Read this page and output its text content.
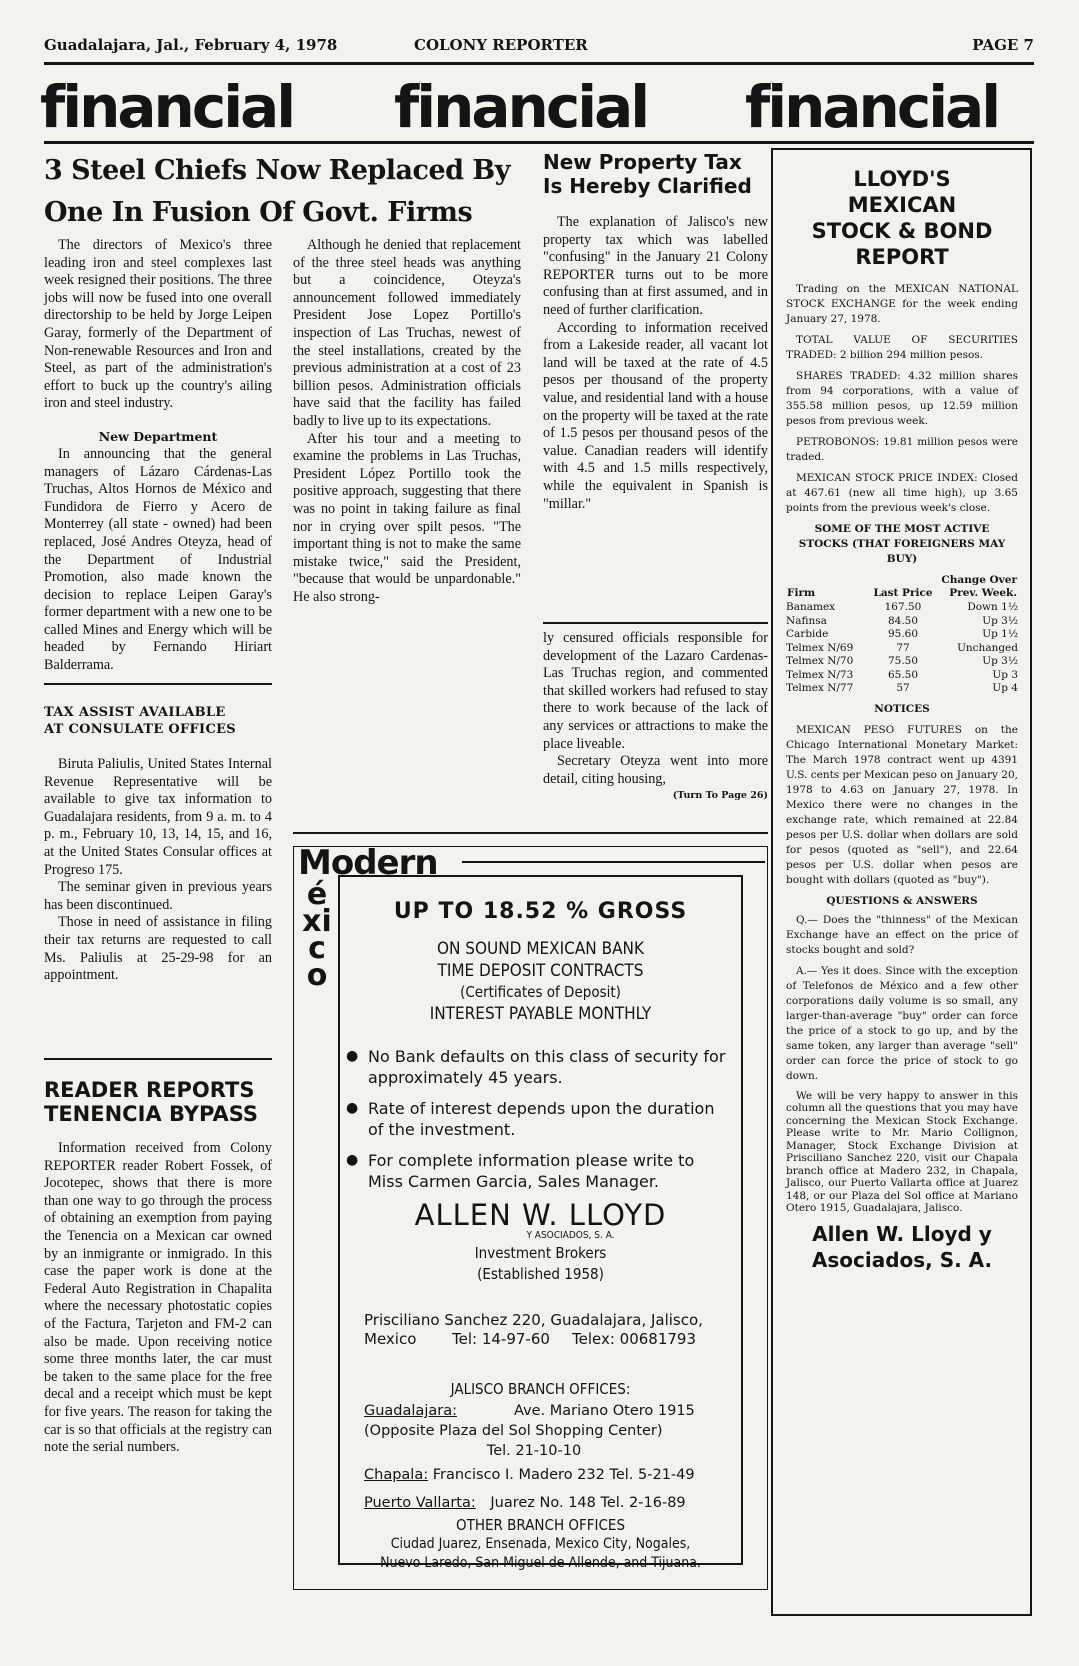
Guadalajara, Jal., February 4, 1978	COLONY REPORTER	PAGE 7
financial financial financial
3 Steel Chiefs Now Replaced By
One In Fusion Of Govt. Firms

The directors of Mexico's three leading iron and steel complexes last week resigned their positions. The three jobs will now be fused into one overall directorship to be held by Jorge Leipen Garay, formerly of the Department of Non-renewable Resources and Iron and Steel, as part of the administration's effort to buck up the country's ailing iron and steel industry.

New Department

In announcing that the general managers of Lázaro Cárdenas-Las Truchas, Altos Hornos de México and Fundidora de Fierro y Acero de Monterrey (all state - owned) had been replaced, José Andres Oteyza, head of the Department of Industrial Promotion, also made known the decision to replace Leipen Garay's former department with a new one to be called Mines and Energy which will be headed by Fernando Hiriart Balderrama.

Although he denied that replacement of the three steel heads was anything but a coincidence, Oteyza's announcement followed immediately President Jose Lopez Portillo's inspection of Las Truchas, newest of the steel installations, created by the previous administration at a cost of 23 billion pesos. Administration officials have said that the facility has failed badly to live up to its expectations.

After his tour and a meeting to examine the problems in Las Truchas, President López Portillo took the positive approach, suggesting that there was no point in taking failure as final nor in crying over spilt pesos. "The important thing is not to make the same mistake twice," said the President, "because that would be unpardonable." He also strong-

New Property Tax
Is Hereby Clarified

The explanation of Jalisco's new property tax which was labelled "confusing" in the January 21 Colony REPORTER turns out to be more confusing than at first assumed, and in need of further clarification.

According to information received from a Lakeside reader, all vacant lot land will be taxed at the rate of 4.5 pesos per thousand of the property value, and residential land with a house on the property will be taxed at the rate of 1.5 pesos per thousand pesos of the value. Canadian readers will identify with 4.5 and 1.5 mills respectively, while the equivalent in Spanish is "millar."

ly censured officials responsible for development of the Lazaro Cardenas-Las Truchas region, and commented that skilled workers had refused to stay there to work because of the lack of any services or attractions to make the place liveable.

Secretary Oteyza went into more detail, citing housing,

(Turn To Page 26)
TAX ASSIST AVAILABLE
AT CONSULATE OFFICES

Biruta Paliulis, United States Internal Revenue Representative will be available to give tax information to Guadalajara residents, from 9 a. m. to 4 p. m., February 10, 13, 14, 15, and 16, at the United States Consular offices at Progreso 175.

The seminar given in previous years has been discontinued.

Those in need of assistance in filing their tax returns are requested to call Ms. Paliulis at 25-29-98 for an appointment.

READER REPORTS
TENENCIA BYPASS

Information received from Colony REPORTER reader Robert Fossek, of Jocotepec, shows that there is more than one way to go through the process of obtaining an exemption from paying the Tenencia on a Mexican car owned by an inmigrante or inmigrado. In this case the paper work is done at the Federal Auto Registration in Chapalita where the necessary photostatic copies of the Factura, Tarjeton and FM-2 can also be made. Upon receiving notice some three months later, the car must be taken to the same place for the free decal and a receipt which must be kept for five years. The reason for taking the car is so that officials at the registry can note the serial numbers.

Modern
éxico
UP TO 18.52 % GROSS
ON SOUND MEXICAN BANK
TIME DEPOSIT CONTRACTS
(Certificates of Deposit)
INTEREST PAYABLE MONTHLY
● No Bank defaults on this class of security for approximately 45 years.
● Rate of interest depends upon the duration of the investment.
● For complete information please write to Miss Carmen Garcia, Sales Manager.
ALLEN W. LLOYD
Y ASOCIADOS, S. A.
Investment Brokers
(Established 1958)
Prisciliano Sanchez 220, Guadalajara, Jalisco,
Mexico Tel: 14-97-60 Telex: 00681793
JALISCO BRANCH OFFICES:
Guadalajara:	Ave. Mariano Otero 1915
(Opposite Plaza del Sol Shopping Center)
Tel. 21-10-10
Chapala: Francisco I. Madero 232 Tel. 5-21-49
Puerto Vallarta: Juarez No. 148 Tel. 2-16-89
OTHER BRANCH OFFICES
Ciudad Juarez, Ensenada, Mexico City, Nogales,
Nuevo Laredo, San Miguel de Allende, and Tijuana.
LLOYD'S
MEXICAN
STOCK & BOND
REPORT

Trading on the MEXICAN NATIONAL STOCK EXCHANGE for the week ending January 27, 1978.

TOTAL VALUE OF SECURITIES TRADED: 2 billion 294 million pesos.

SHARES TRADED: 4.32 million shares from 94 corporations, with a value of 355.58 million pesos, up 12.59 million pesos from previous week.

PETROBONOS: 19.81 million pesos were traded.

MEXICAN STOCK PRICE INDEX: Closed at 467.61 (new all time high), up 3.65 points from the previous week's close.

SOME OF THE MOST ACTIVE STOCKS (THAT FOREIGNERS MAY BUY)
Firm	Last Price	Change Over Prev. Week.
Banamex	167.50	Down 1½
Nafinsa	84.50	Up 3½
Carbide	95.60	Up 1½
Telmex N/69	77	Unchanged
Telmex N/70	75.50	Up 3½
Telmex N/73	65.50	Up 3
Telmex N/77	57	Up 4
NOTICES

MEXICAN PESO FUTURES on the Chicago International Monetary Market: The March 1978 contract went up 4391 U.S. cents per Mexican peso on January 20, 1978 to 4.63 on January 27, 1978. In Mexico there were no changes in the exchange rate, which remained at 22.84 pesos per U.S. dollar when dollars are sold for pesos (quoted as "sell"), and 22.64 pesos per U.S. dollar when pesos are bought with dollars (quoted as "buy").

QUESTIONS & ANSWERS

Q.— Does the "thinness" of the Mexican Exchange have an effect on the price of stocks bought and sold?

A.— Yes it does. Since with the exception of Telefonos de México and a few other corporations daily volume is so small, any larger-than-average "buy" order can force the price of a stock to go up, and by the same token, any larger than average "sell" order can force the price of stock to go down.

We will be very happy to answer in this column all the questions that you may have concerning the Mexican Stock Exchange. Please write to Mr. Mario Collignon, Manager, Stock Exchange Division at Prisciliano Sanchez 220, visit our Chapala branch office at Madero 232, in Chapala, Jalisco, our Puerto Vallarta office at Juarez 148, or our Plaza del Sol office at Mariano Otero 1915, Guadalajara, Jalisco.

Allen W. Lloyd y
Asociados, S. A.
